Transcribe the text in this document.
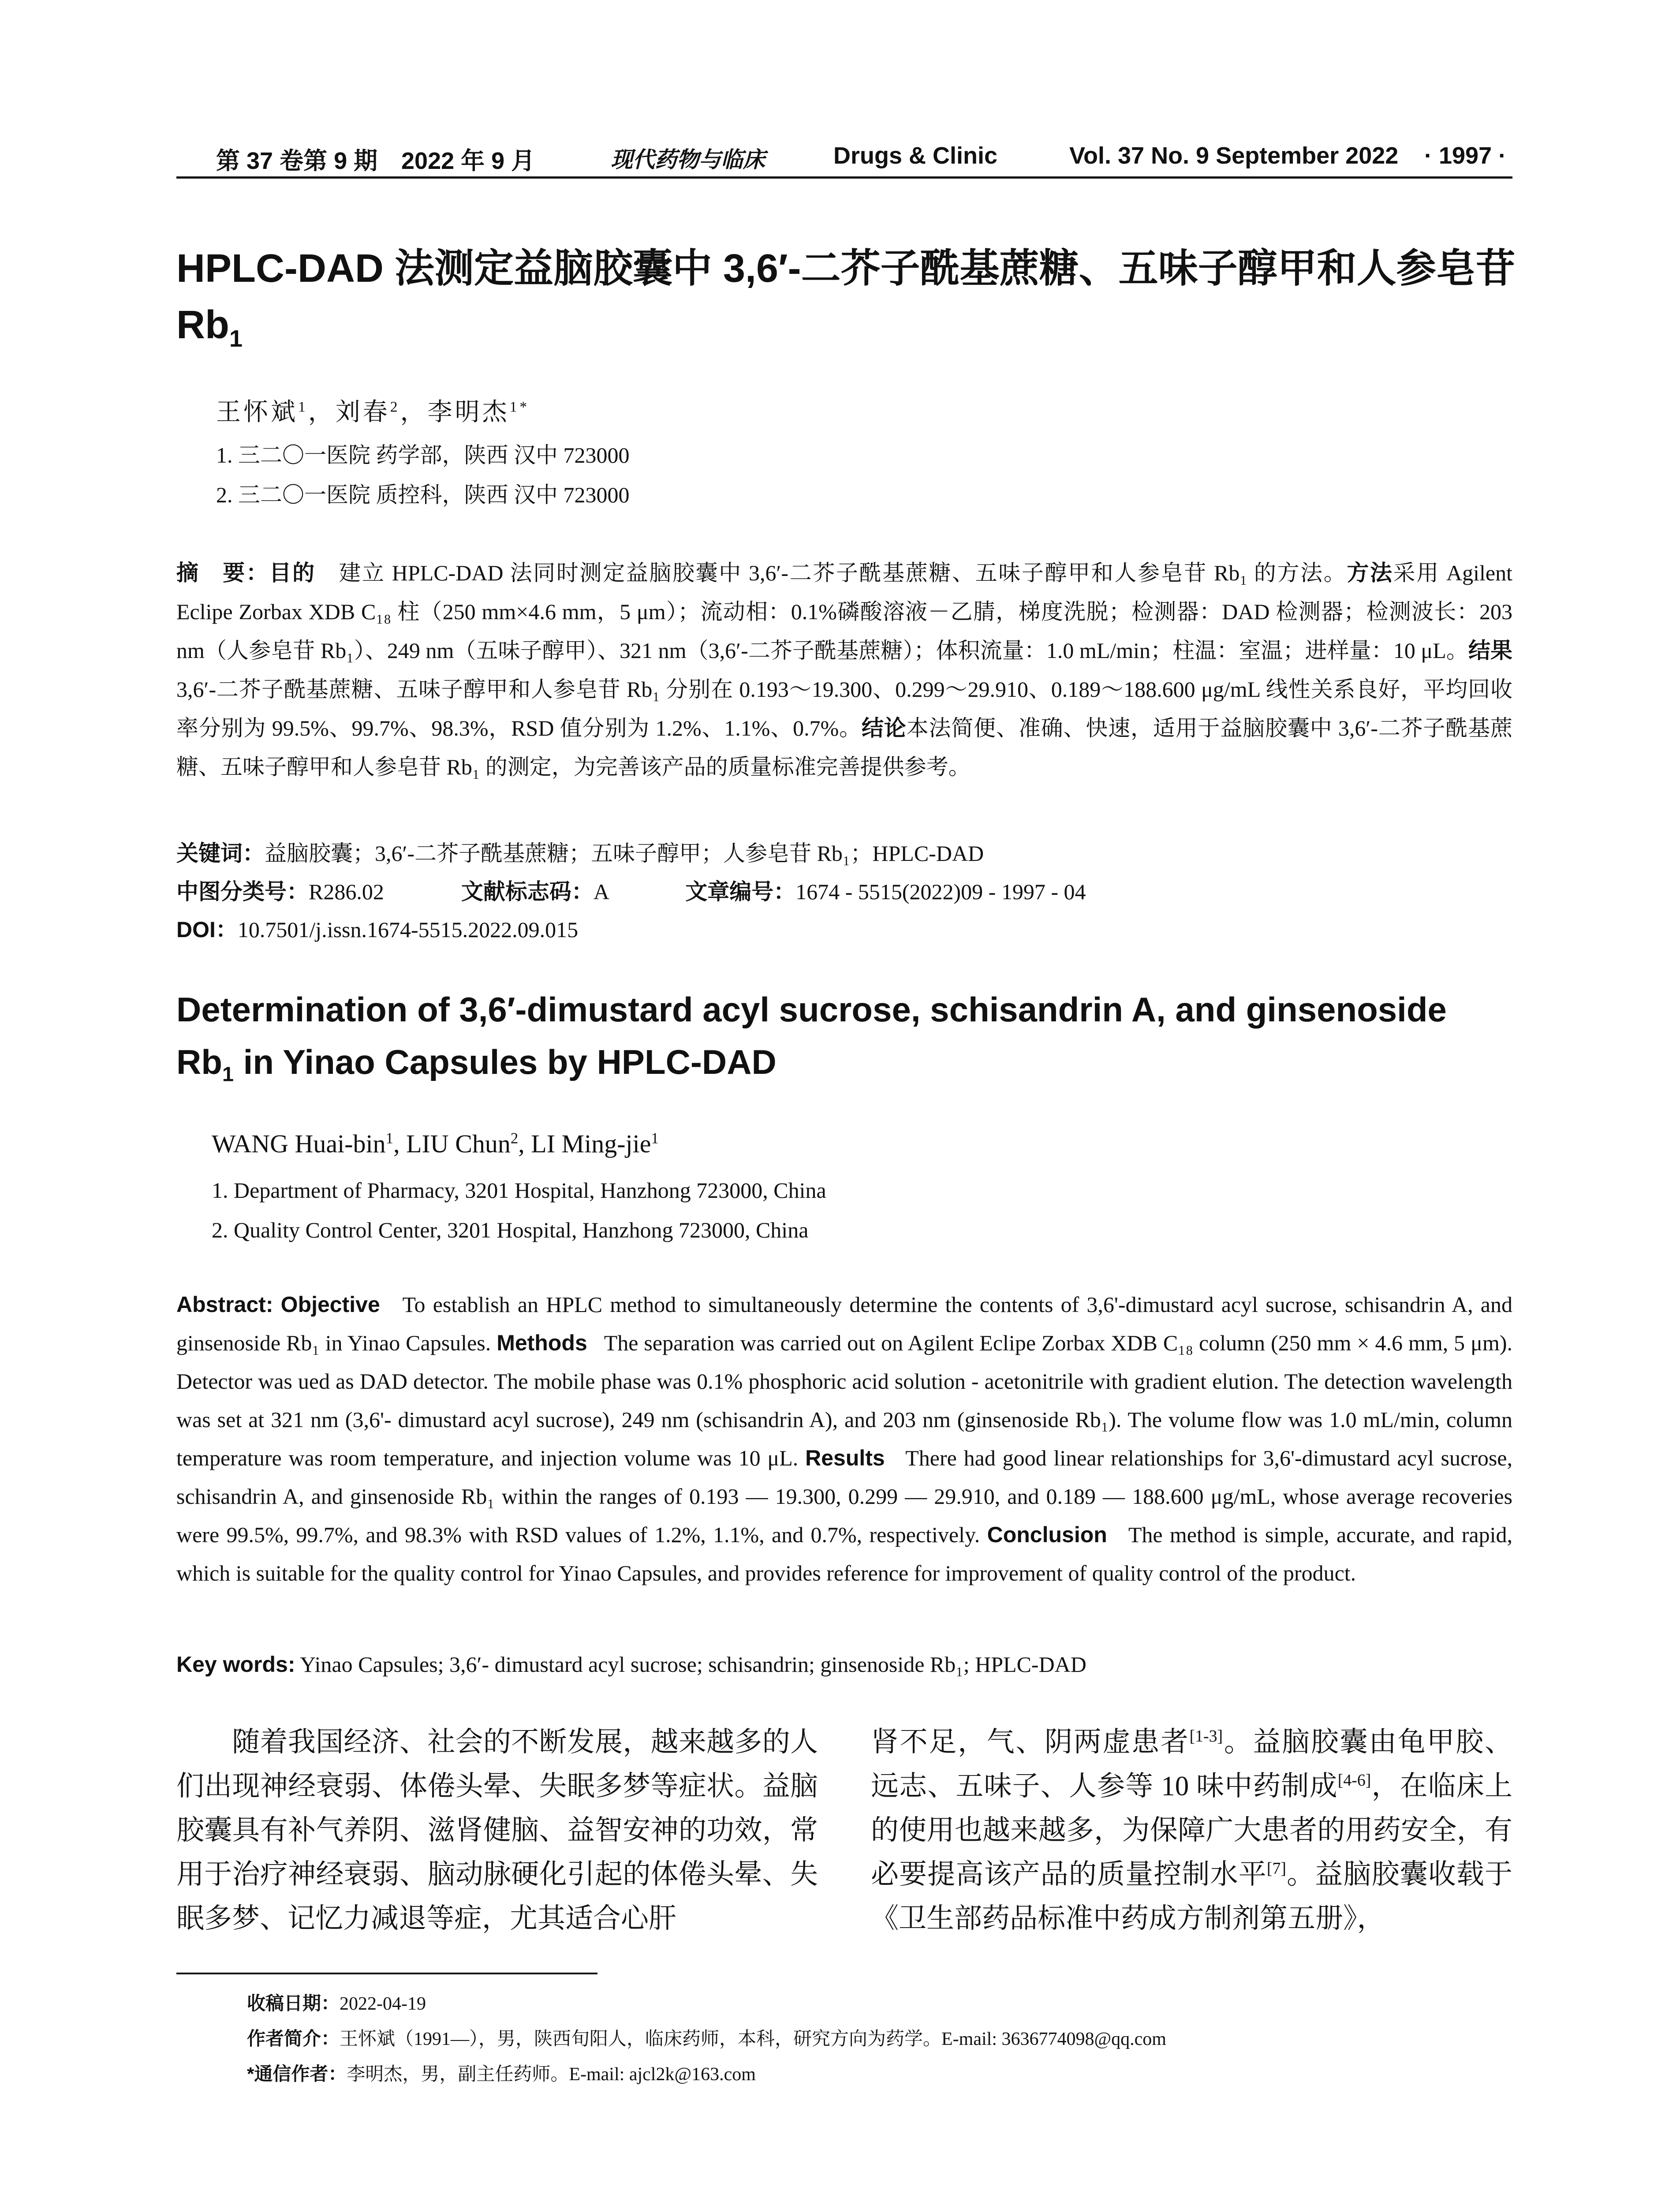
第 37 卷第 9 期 2022 年 9 月	现代药物与临床	Drugs & Clinic	Vol. 37 No. 9 September 2022 · 1997 ·
HPLC-DAD 法测定益脑胶囊中 3,6′-二芥子酰基蔗糖、五味子醇甲和人参皂苷 $Rb_1$
王怀斌$^1$，刘春$^2$，李明杰$^{1*}$
1. 三二〇一医院 药学部，陕西 汉中 723000
2. 三二〇一医院 质控科，陕西 汉中 723000
摘　要：目的　 建立 HPLC-DAD 法同时测定益脑胶囊中 3,6′-二芥子酰基蔗糖、五味子醇甲和人参皂苷 Rb₁ 的方法。方法采用 Agilent Eclipe Zorbax XDB C₁₈ 柱（250 mm×4.6 mm，5 μm）；流动相：0.1%磷酸溶液－乙腈，梯度洗脱；检测器：DAD 检测器；检测波长：203 nm（人参皂苷 Rb₁）、249 nm（五味子醇甲）、321 nm（3,6′-二芥子酰基蔗糖）；体积流量：1.0 mL/min；柱温：室温；进样量：10 μL。结果　3,6′-二芥子酰基蔗糖、五味子醇甲和人参皂苷 Rb₁ 分别在 0.193～19.300、0.299～29.910、0.189～188.600 μg/mL 线性关系良好，平均回收率分别为 99.5%、99.7%、98.3%，RSD 值分别为 1.2%、1.1%、0.7%。结论本法简便、准确、快速，适用于益脑胶囊中 3,6′-二芥子酰基蔗糖、五味子醇甲和人参皂苷 Rb₁ 的测定，为完善该产品的质量标准完善提供参考。
关键词：益脑胶囊；3,6′-二芥子酰基蔗糖；五味子醇甲；人参皂苷 Rb₁；HPLC-DAD
中图分类号：R286.02	文献标志码：A	文章编号：1674 - 5515(2022)09 - 1997 - 04
DOI：10.7501/j.issn.1674-5515.2022.09.015
Determination of 3,6′-dimustard acyl sucrose, schisandrin A, and ginsenoside $Rb_1$ in Yinao Capsules by HPLC-DAD
WANG Huai-bin$^1$, LIU Chun$^2$, LI Ming-jie$^1$
1. Department of Pharmacy, 3201 Hospital, Hanzhong 723000, China
2. Quality Control Center, 3201 Hospital, Hanzhong 723000, China
Abstract: Objective To establish an HPLC method to simultaneously determine the contents of 3,6'-dimustard acyl sucrose, schisandrin A, and ginsenoside Rb₁ in Yinao Capsules. Methods The separation was carried out on Agilent Eclipe Zorbax XDB C₁₈ column (250 mm × 4.6 mm, 5 μm). Detector was ued as DAD detector. The mobile phase was 0.1% phosphoric acid solution - acetonitrile with gradient elution. The detection wavelength was set at 321 nm (3,6'- dimustard acyl sucrose), 249 nm (schisandrin A), and 203 nm (ginsenoside Rb₁). The volume flow was 1.0 mL/min, column temperature was room temperature, and injection volume was 10 μL. Results There had good linear relationships for 3,6'-dimustard acyl sucrose, schisandrin A, and ginsenoside Rb₁ within the ranges of 0.193 — 19.300, 0.299 — 29.910, and 0.189 — 188.600 μg/mL, whose average recoveries were 99.5%, 99.7%, and 98.3% with RSD values of 1.2%, 1.1%, and 0.7%, respectively. Conclusion The method is simple, accurate, and rapid, which is suitable for the quality control for Yinao Capsules, and provides reference for improvement of quality control of the product.
Key words: Yinao Capsules; 3,6′- dimustard acyl sucrose; schisandrin; ginsenoside Rb₁; HPLC-DAD
随着我国经济、社会的不断发展，越来越多的人们出现神经衰弱、体倦头晕、失眠多梦等症状。益脑胶囊具有补气养阴、滋肾健脑、益智安神的功效，常用于治疗神经衰弱、脑动脉硬化引起的体倦头晕、失眠多梦、记忆力减退等症，尤其适合心肝
肾不足，气、阴两虚患者[1-3]。益脑胶囊由龟甲胶、远志、五味子、人参等 10 味中药制成[4-6]，在临床上的使用也越来越多，为保障广大患者的用药安全，有必要提高该产品的质量控制水平[7]。益脑胶囊收载于《卫生部药品标准中药成方制剂第五册》，
收稿日期：2022-04-19
作者简介：王怀斌（1991—），男，陕西旬阳人，临床药师，本科，研究方向为药学。E-mail: 3636774098@qq.com
*通信作者：李明杰，男，副主任药师。E-mail: ajcl2k@163.com
